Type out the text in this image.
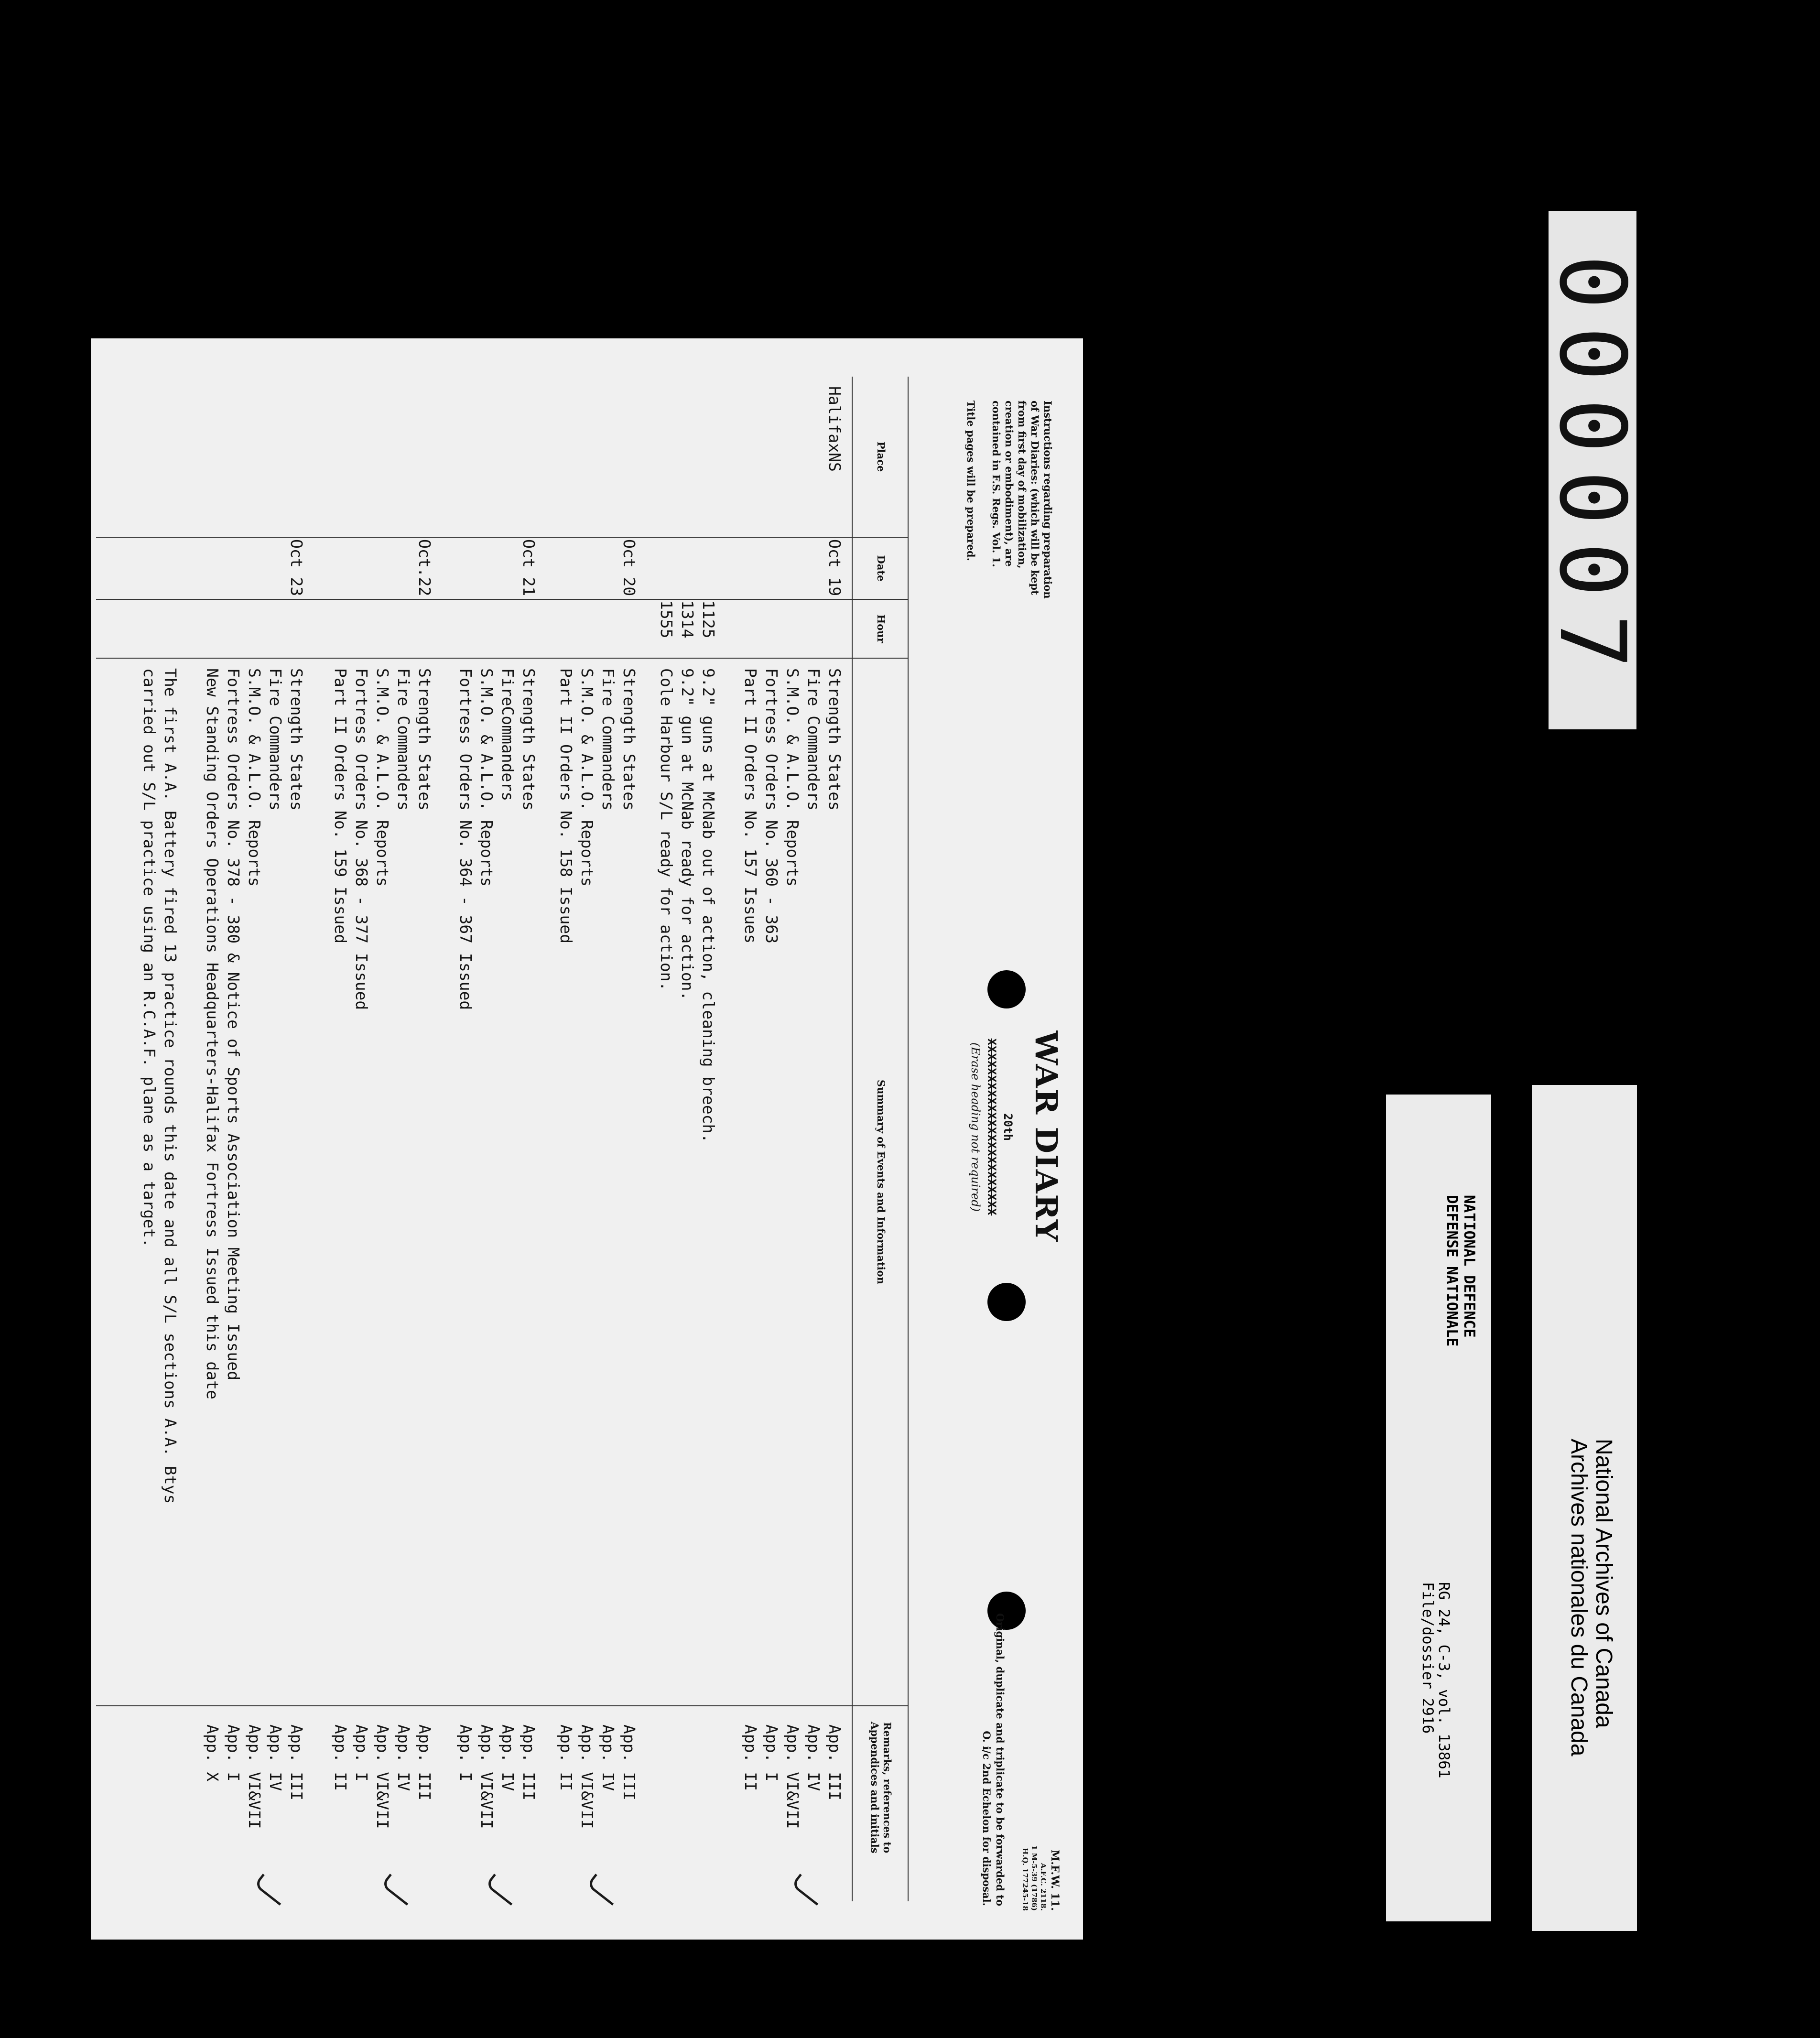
Instructions regarding preparation of War Diaries: (which will be kept from first day of mobilization, creation or embodiment), are contained in F.S. Regs. Vol. 1.
Title pages will be prepared.
M.F.W. 11.
A.F.C. 2118.
1 M-5-39 (1786)
H.Q. 177245-18
Original, duplicate and triplicate to be forwarded to O. i/c 2nd Echelon for disposal.
WAR DIARY
20th
XXXXXXXXXXXXXXXXXXXXXXXX
(Erase heading not required)
Place
Date
Hour
Summary of Events and Information
Remarks, references to Appendices and initials
HalifaxNS
Oct 19
Strength States
Fire Commanders
S.M.O. & A.L.O. Reports
Fortress Orders No. 360 - 363
Part II Orders No. 157 Issues
1125
9.2" guns at McNab out of action, cleaning breech.
1314
9.2" gun at McNab ready for action.
1555
Cole Harbour S/L ready for action.
App. III
App. IV
App. VI&VII
App. I
App. II
Oct 20
Strength States
Fire Commanders
S.M.O. & A.L.O. Reports
Part II Orders No. 158 Issued
App. III
App. IV
App. VI&VII
App. II
Oct 21
Strength States
FireCommanders
S.M.O. & A.L.O. Reports
Fortress Orders No. 364 - 367 Issued
App. III
App. IV
App. VI&VII
App. I
Oct.22
Strength States
Fire Commanders
S.M.O. & A.L.O. Reports
Fortress Orders No. 368 - 377 Issued
Part II Orders No. 159 Issued
App. III
App. IV
App. VI&VII
App. I
App. II
Oct 23
Strength States
Fire Commanders
S.M.O. & A.L.O. Reports
Fortress Orders No. 378 - 380 & Notice of Sports Association Meeting Issued
New Standing Orders Operations Headquarters-Halifax Fortress Issued this date
The first A.A. Battery fired 13 practice rounds this date and all S/L sections A.A. Btys
carried out S/L practice using an R.C.A.F. plane as a target.
App. III
App. IV
App. VI&VII
App. I
App. X
000007
NATIONAL DEFENCE
DEFENSE NATIONALE
RG 24, C-3, vol. 13861
File/dossier 2916	National Archives of Canada
Archives nationales du Canada
